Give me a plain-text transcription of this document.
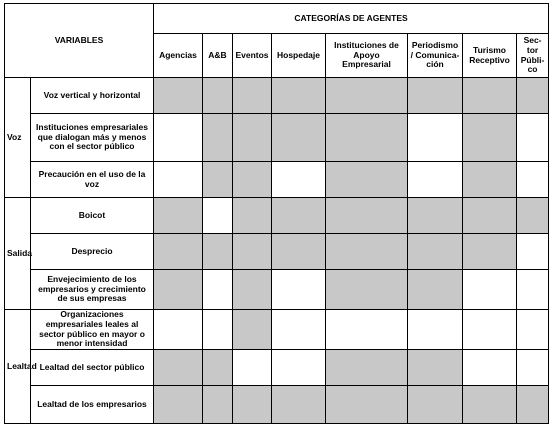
VARIABLES		CATEGORÍAS DE AGENTES							
		Agencias	A&B	Eventos	Hospedaje	Instituciones de Apoyo Empresarial	Periodismo / Comunica-ción	Turismo Receptivo	Sec-tor Públi-co
Voz	Voz vertical y horizontal								
	Instituciones empresariales que dialogan más y menos con el sector público								
	Precaución en el uso de la voz								
Salida	Boicot								
	Desprecio								
	Envejecimiento de los empresarios y crecimiento de sus empresas								
Lealtad	Organizaciones empresariales leales al sector público en mayor o menor intensidad								
	Lealtad del sector público								
	Lealtad de los empresarios								
